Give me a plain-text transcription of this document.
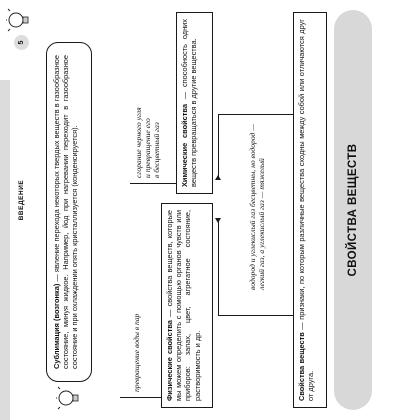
СВОЙСТВА ВЕЩЕСТВ
Свойства веществ — признаки, по которым различные вещества сходны между собой или отличаются друг от друга.
водород и углекислый газ бесцветны, но водород — легкий газ, а углекислый газ — тяжелый
Физические свойства — свойства веществ, которые мы можем определить с помощью органов чувств или приборов: запах, цвет, агрегатное состояние, растворимость и др.
Химические свойства — способность одних веществ превращаться в другие вещества.
превращение воды в пар
сгорание черного угля и превращение его в бесцветный газ
Сублимация (возгонка) — явление перехода некоторых твердых веществ в газообразное состояние, минуя жидкое. Например, йод при нагревании переходит в газообразное состояние и при охлаждении опять кристаллизуется (конденсируется).
ВВЕДЕНИЕ
5
